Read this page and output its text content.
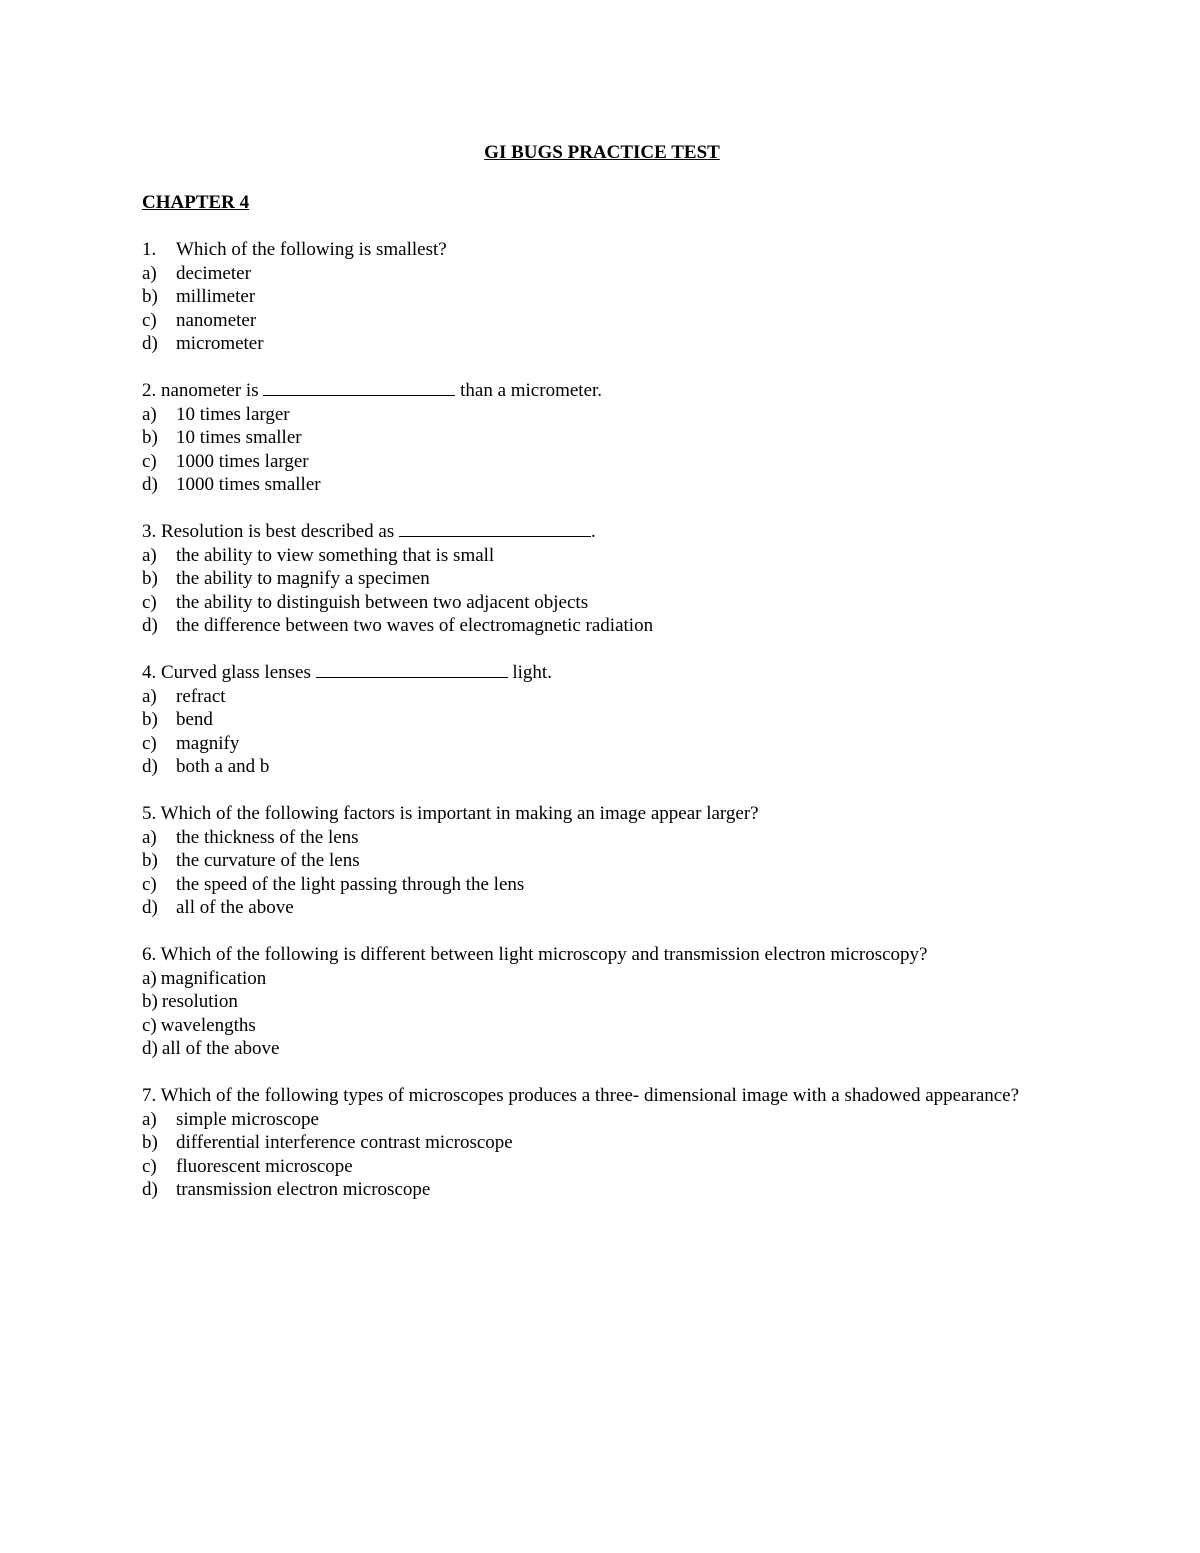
GI BUGS PRACTICE TEST
CHAPTER 4
1.	Which of the following is smallest?
a)	decimeter
b) millimeter
c)	nanometer
d) micrometer
2. nanometer is	than a micrometer.
a)	10 times larger
b) 10 times smaller
c)	1000 times larger
d) 1000 times smaller
3. Resolution is best described as	.
a)	the ability to view something that is small
b) the ability to magnify a specimen
c)	the ability to distinguish between two adjacent objects
d) the difference between two waves of electromagnetic radiation
4. Curved glass lenses	light.
a)	refract
b) bend
c)	magnify
d) both a and b
5. Which of the following factors is important in making an image appear larger?
a)	the thickness of the lens
b) the curvature of the lens
c)	the speed of the light passing through the lens
d) all of the above
6. Which of the following is different between light microscopy and transmission electron microscopy?
a) magnification
b) resolution
c) wavelengths
d) all of the above
7. Which of the following types of microscopes produces a three- dimensional image with a shadowed appearance?
a)	simple microscope
b) differential interference contrast microscope
c)	fluorescent microscope
d) transmission electron microscope
